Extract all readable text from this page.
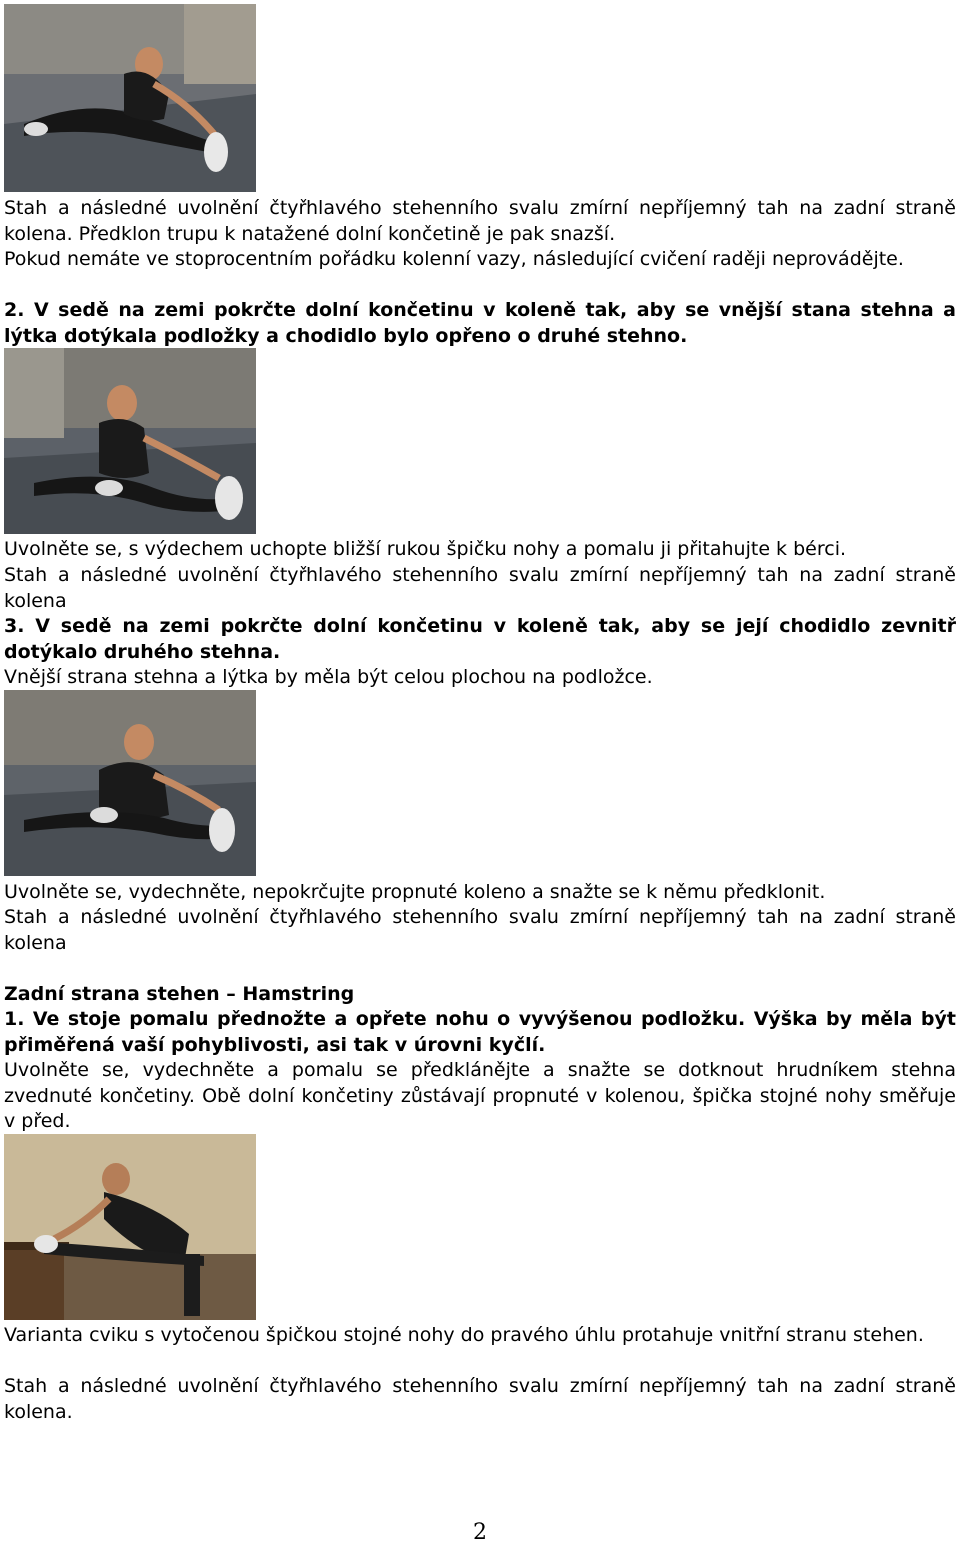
Stah a následné uvolnění čtyřhlavého stehenního svalu zmírní nepříjemný tah na zadní straně kolena. Předklon trupu k natažené dolní končetině je pak snazší.
Pokud nemáte ve stoprocentním pořádku kolenní vazy, následující cvičení raději neprovádějte.
2. V sedě na zemi pokrčte dolní končetinu v koleně tak, aby se vnější stana stehna a lýtka dotýkala podložky a chodidlo bylo opřeno o druhé stehno.
Uvolněte se, s výdechem uchopte bližší rukou špičku nohy a pomalu ji přitahujte k bérci.
Stah a následné uvolnění čtyřhlavého stehenního svalu zmírní nepříjemný tah na zadní straně kolena
3. V sedě na zemi pokrčte dolní končetinu v koleně tak, aby se její chodidlo zevnitř dotýkalo druhého stehna.
Vnější strana stehna a lýtka by měla být celou plochou na podložce.
Uvolněte se, vydechněte, nepokrčujte propnuté koleno a snažte se k němu předklonit.
Stah a následné uvolnění čtyřhlavého stehenního svalu zmírní nepříjemný tah na zadní straně kolena
Zadní strana stehen – Hamstring
1. Ve stoje pomalu přednožte a opřete nohu o vyvýšenou podložku. Výška by měla být přiměřená vaší pohyblivosti, asi tak v úrovni kyčlí.
Uvolněte se, vydechněte a pomalu se předklánějte a snažte se dotknout hrudníkem stehna zvednuté končetiny. Obě dolní končetiny zůstávají propnuté v kolenou, špička stojné nohy směřuje v před.
Varianta cviku s vytočenou špičkou stojné nohy do pravého úhlu protahuje vnitřní stranu stehen.
Stah a následné uvolnění čtyřhlavého stehenního svalu zmírní nepříjemný tah na zadní straně kolena.
2
